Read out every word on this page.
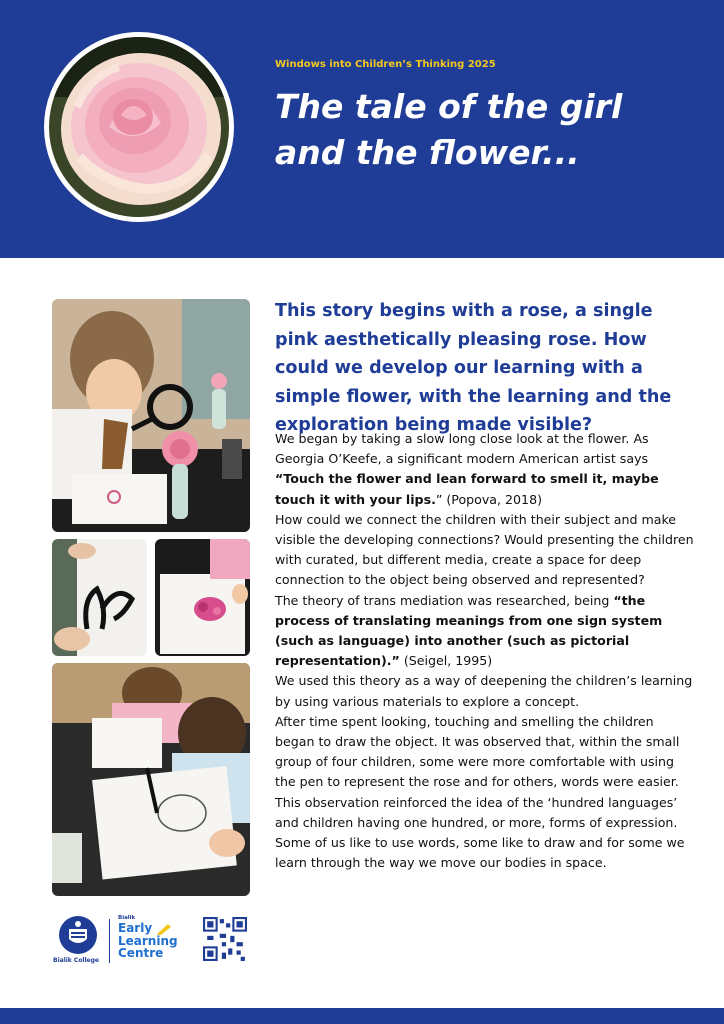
Windows into Children’s Thinking 2025
The tale of the girl
and the flower...
This story begins with a rose, a single pink aesthetically pleasing rose. How could we develop our learning with a simple flower, with the learning and the exploration being made visible?

We began by taking a slow long close look at the flower. As Georgia O’Keefe, a significant modern American artist says “Touch the flower and lean forward to smell it, maybe touch it with your lips.” (Popova, 2018)

How could we connect the children with their subject and make visible the developing connections? Would presenting the children with curated, but different media, create a space for deep connection to the object being observed and represented?

The theory of trans mediation was researched, being “the process of translating meanings from one sign system (such as language) into another (such as pictorial representation).” (Seigel, 1995)

We used this theory as a way of deepening the children’s learning by using various materials to explore a concept.

After time spent looking, touching and smelling the children began to draw the object. It was observed that, within the small group of four children, some were more comfortable with using the pen to represent the rose and for others, words were easier.

This observation reinforced the idea of the ‘hundred languages’ and children having one hundred, or more, forms of expression. Some of us like to use words, some like to draw and for some we learn through the way we move our bodies in space.

Bialik College
Bialik
Early
Learning
Centre
